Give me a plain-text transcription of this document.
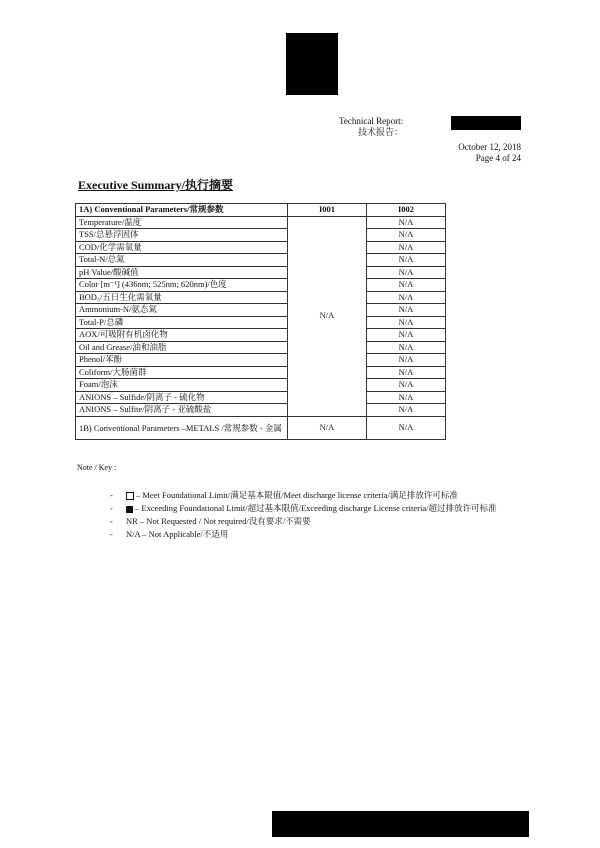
Technical Report:
技术报告：
October 12, 2018
Page 4 of 24
Executive Summary/执行摘要
1A) Conventional Parameters/常规参数	I001	I002
Temperature/温度	N/A	N/A
TSS/总悬浮固体		N/A
COD/化学需氧量		N/A
Total-N/总氮		N/A
pH Value/酸碱值		N/A
Color [m⁻¹] (436nm; 525nm; 620nm)/色度		N/A
BOD₅/五日生化需氧量		N/A
Ammonium-N/氨态氮		N/A
Total-P/总磷		N/A
AOX/可吸附有机卤化物		N/A
Oil and Grease/油和油脂		N/A
Phenol/苯酚		N/A
Coliform/大肠菌群		N/A
Foam/泡沫		N/A
ANIONS – Sulfide/阴离子 - 硫化物		N/A
ANIONS – Sulfite/阴离子 - 亚硫酸盐		N/A
1B) Conventional Parameters –METALS /常规参数 - 金属	N/A	N/A
Note / Key :
-	– Meet Foundational Limit/满足基本限值/Meet discharge license criteria/满足排放许可标准
-	– Exceeding Foundational Limit/超过基本限值/Exceeding discharge License criteria/超过排放许可标准
- NR – Not Requested / Not required/没有要求/不需要
- N/A – Not Applicable/不适用
